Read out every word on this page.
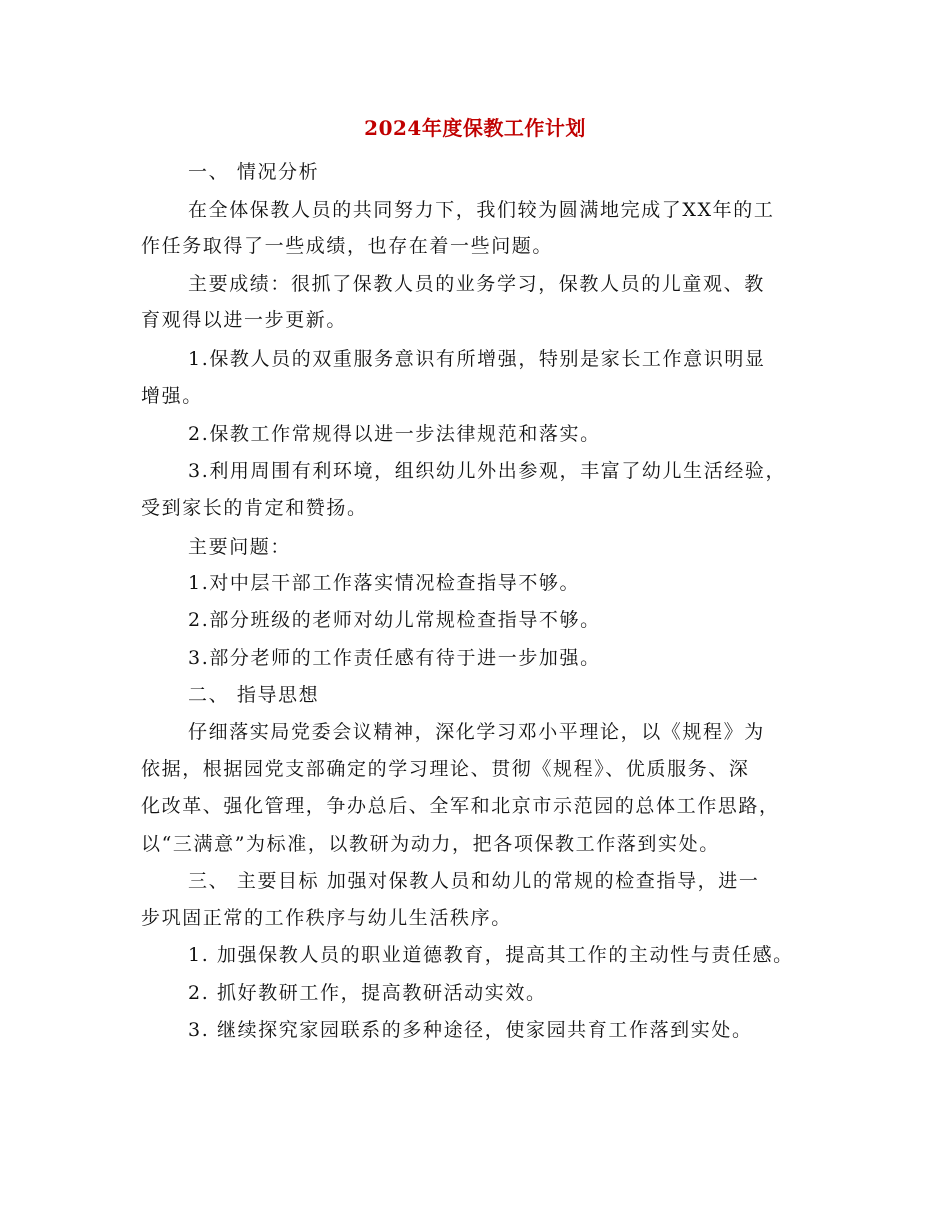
2024年度保教工作计划
一、 情况分析
在全体保教人员的共同努力下，我们较为圆满地完成了XX年的工
作任务取得了一些成绩，也存在着一些问题。
主要成绩：很抓了保教人员的业务学习，保教人员的儿童观、教
育观得以进一步更新。
1.保教人员的双重服务意识有所增强，特别是家长工作意识明显
增强。
2.保教工作常规得以进一步法律规范和落实。
3.利用周围有利环境，组织幼儿外出参观，丰富了幼儿生活经验，
受到家长的肯定和赞扬。
主要问题：
1.对中层干部工作落实情况检查指导不够。
2.部分班级的老师对幼儿常规检查指导不够。
3.部分老师的工作责任感有待于进一步加强。
二、 指导思想
仔细落实局党委会议精神，深化学习邓小平理论，以《规程》为
依据，根据园党支部确定的学习理论、贯彻《规程》、优质服务、深
化改革、强化管理，争办总后、全军和北京市示范园的总体工作思路，
以“三满意”为标准，以教研为动力，把各项保教工作落到实处。
三、 主要目标 加强对保教人员和幼儿的常规的检查指导，进一
步巩固正常的工作秩序与幼儿生活秩序。
1. 加强保教人员的职业道德教育，提高其工作的主动性与责任感。
2. 抓好教研工作，提高教研活动实效。
3. 继续探究家园联系的多种途径，使家园共育工作落到实处。
